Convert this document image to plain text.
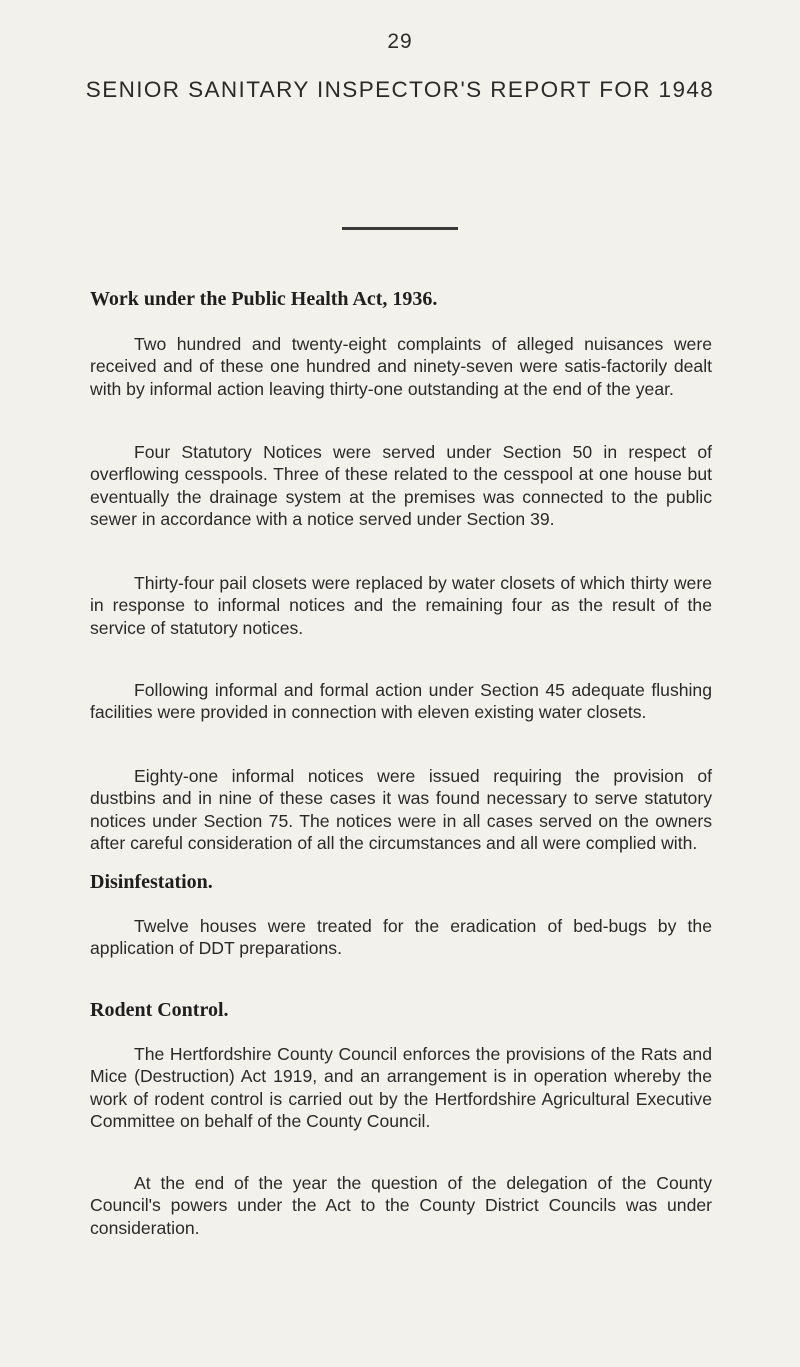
29
SENIOR SANITARY INSPECTOR'S REPORT FOR 1948
Work under the Public Health Act, 1936.

Two hundred and twenty-eight complaints of alleged nuisances were received and of these one hundred and ninety-seven were satis-factorily dealt with by informal action leaving thirty-one outstanding at the end of the year.

Four Statutory Notices were served under Section 50 in respect of overflowing cesspools. Three of these related to the cesspool at one house but eventually the drainage system at the premises was connected to the public sewer in accordance with a notice served under Section 39.

Thirty-four pail closets were replaced by water closets of which thirty were in response to informal notices and the remaining four as the result of the service of statutory notices.

Following informal and formal action under Section 45 adequate flushing facilities were provided in connection with eleven existing water closets.

Eighty-one informal notices were issued requiring the provision of dustbins and in nine of these cases it was found necessary to serve statutory notices under Section 75. The notices were in all cases served on the owners after careful consideration of all the circumstances and all were complied with.

Disinfestation.

Twelve houses were treated for the eradication of bed-bugs by the application of DDT preparations.

Rodent Control.

The Hertfordshire County Council enforces the provisions of the Rats and Mice (Destruction) Act 1919, and an arrangement is in operation whereby the work of rodent control is carried out by the Hertfordshire Agricultural Executive Committee on behalf of the County Council.

At the end of the year the question of the delegation of the County Council's powers under the Act to the County District Councils was under consideration.
